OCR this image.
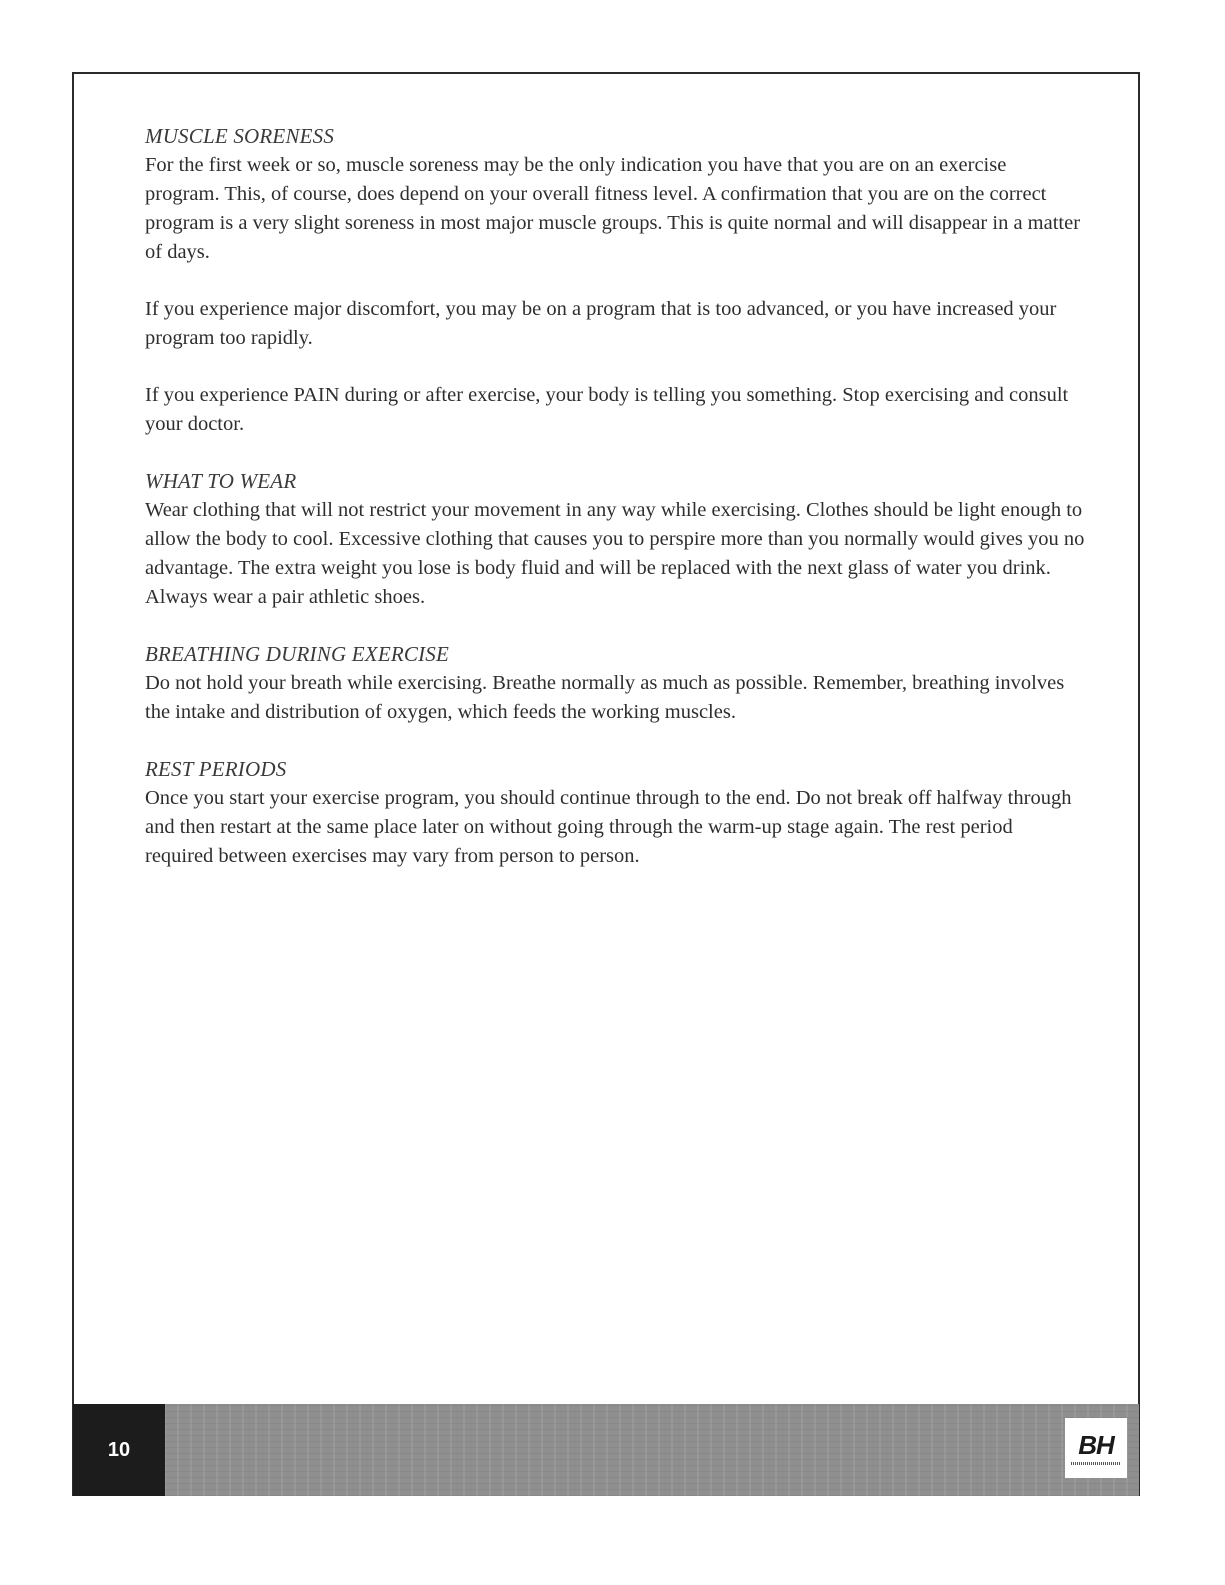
MUSCLE SORENESS

For the first week or so, muscle soreness may be the only indication you have that you are on an exercise program. This, of course, does depend on your overall fitness level. A confirmation that you are on the correct program is a very slight soreness in most major muscle groups. This is quite normal and will disappear in a matter of days.

If you experience major discomfort, you may be on a program that is too advanced, or you have increased your program too rapidly.

If you experience PAIN during or after exercise, your body is telling you something. Stop exercising and consult your doctor.

WHAT TO WEAR

Wear clothing that will not restrict your movement in any way while exercising. Clothes should be light enough to allow the body to cool. Excessive clothing that causes you to perspire more than you normally would gives you no advantage. The extra weight you lose is body fluid and will be replaced with the next glass of water you drink. Always wear a pair athletic shoes.

BREATHING DURING EXERCISE

Do not hold your breath while exercising. Breathe normally as much as possible. Remember, breathing involves the intake and distribution of oxygen, which feeds the working muscles.

REST PERIODS

Once you start your exercise program, you should continue through to the end. Do not break off halfway through and then restart at the same place later on without going through the warm-up stage again. The rest period required between exercises may vary from person to person.

10	BH
